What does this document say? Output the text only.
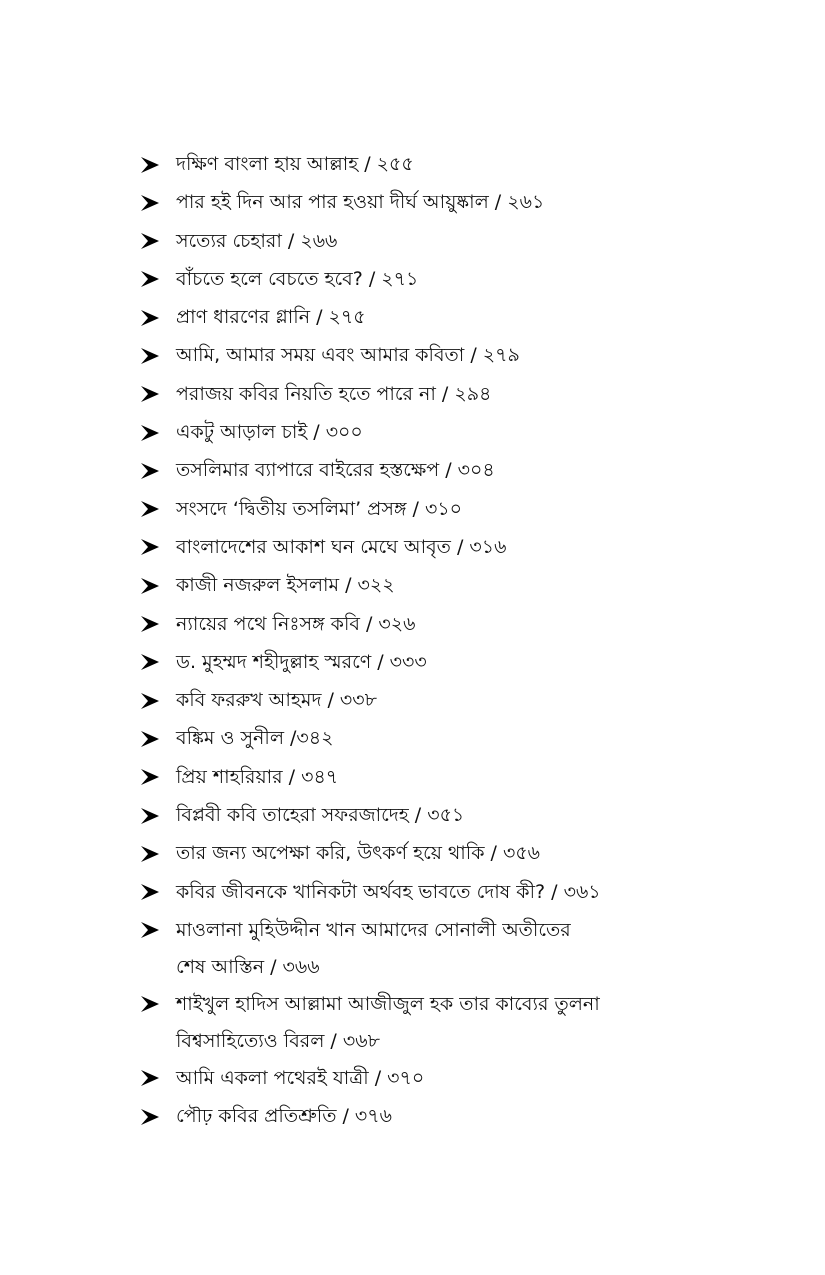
দক্ষিণ বাংলা হায় আল্লাহ / ২৫৫
পার হই দিন আর পার হওয়া দীর্ঘ আয়ুষ্কাল / ২৬১
সত্যের চেহারা / ২৬৬
বাঁচতে হলে বেচতে হবে? / ২৭১
প্রাণ ধারণের গ্লানি / ২৭৫
আমি, আমার সময় এবং আমার কবিতা / ২৭৯
পরাজয় কবির নিয়তি হতে পারে না / ২৯৪
একটু আড়াল চাই / ৩০০
তসলিমার ব্যাপারে বাইরের হস্তক্ষেপ / ৩০৪
সংসদে ‘দ্বিতীয় তসলিমা’ প্রসঙ্গ / ৩১০
বাংলাদেশের আকাশ ঘন মেঘে আবৃত / ৩১৬
কাজী নজরুল ইসলাম / ৩২২
ন্যায়ের পথে নিঃসঙ্গ কবি / ৩২৬
ড. মুহম্মদ শহীদুল্লাহ স্মরণে / ৩৩৩
কবি ফররুখ আহমদ / ৩৩৮
বঙ্কিম ও সুনীল /৩৪২
প্রিয় শাহরিয়ার / ৩৪৭
বিপ্লবী কবি তাহেরা সফরজাদেহ / ৩৫১
তার জন্য অপেক্ষা করি, উৎকর্ণ হয়ে থাকি / ৩৫৬
কবির জীবনকে খানিকটা অর্থবহ ভাবতে দোষ কী? / ৩৬১
মাওলানা মুহিউদ্দীন খান আমাদের সোনালী অতীতের শেষ আস্তিন / ৩৬৬
শাইখুল হাদিস আল্লামা আজীজুল হক তার কাব্যের তুলনা বিশ্বসাহিত্যেও বিরল / ৩৬৮
আমি একলা পথেরই যাত্রী / ৩৭০
পৌঢ় কবির প্রতিশ্রুতি / ৩৭৬
